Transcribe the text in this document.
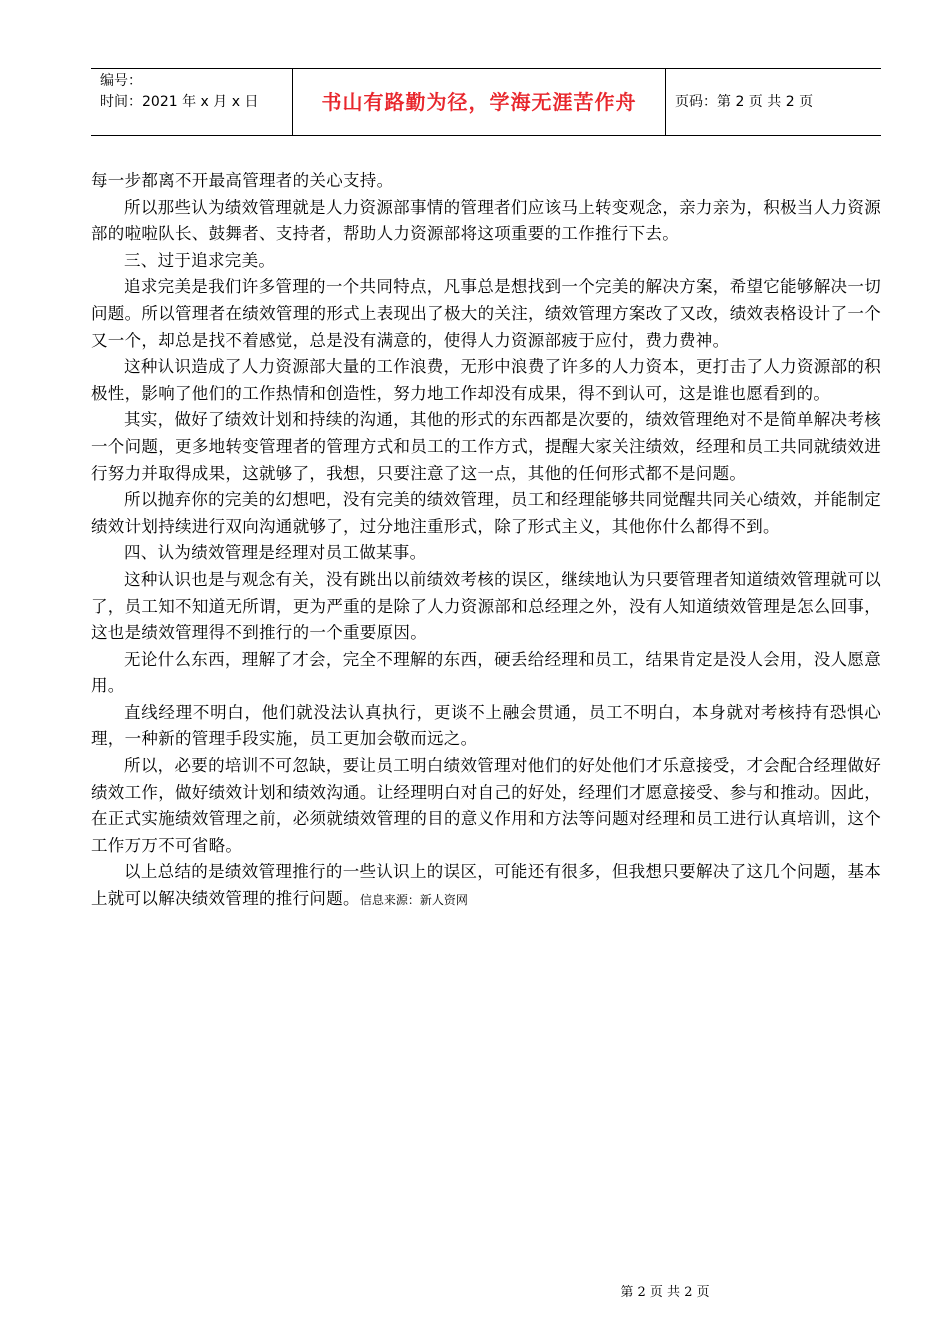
编号：
时间：2021 年 x 月 x 日	书山有路勤为径，学海无涯苦作舟	页码：第 2 页 共 2 页

每一步都离不开最高管理者的关心支持。

所以那些认为绩效管理就是人力资源部事情的管理者们应该马上转变观念，亲力亲为，积极当人力资源部的啦啦队长、鼓舞者、支持者，帮助人力资源部将这项重要的工作推行下去。

三、过于追求完美。

追求完美是我们许多管理的一个共同特点，凡事总是想找到一个完美的解决方案，希望它能够解决一切问题。所以管理者在绩效管理的形式上表现出了极大的关注，绩效管理方案改了又改，绩效表格设计了一个又一个，却总是找不着感觉，总是没有满意的，使得人力资源部疲于应付，费力费神。

这种认识造成了人力资源部大量的工作浪费，无形中浪费了许多的人力资本，更打击了人力资源部的积极性，影响了他们的工作热情和创造性，努力地工作却没有成果，得不到认可，这是谁也愿看到的。

其实，做好了绩效计划和持续的沟通，其他的形式的东西都是次要的，绩效管理绝对不是简单解决考核一个问题，更多地转变管理者的管理方式和员工的工作方式，提醒大家关注绩效，经理和员工共同就绩效进行努力并取得成果，这就够了，我想，只要注意了这一点，其他的任何形式都不是问题。

所以抛弃你的完美的幻想吧，没有完美的绩效管理，员工和经理能够共同觉醒共同关心绩效，并能制定绩效计划持续进行双向沟通就够了，过分地注重形式，除了形式主义，其他你什么都得不到。

四、认为绩效管理是经理对员工做某事。

这种认识也是与观念有关，没有跳出以前绩效考核的误区，继续地认为只要管理者知道绩效管理就可以了，员工知不知道无所谓，更为严重的是除了人力资源部和总经理之外，没有人知道绩效管理是怎么回事，这也是绩效管理得不到推行的一个重要原因。

无论什么东西，理解了才会，完全不理解的东西，硬丢给经理和员工，结果肯定是没人会用，没人愿意用。

直线经理不明白，他们就没法认真执行，更谈不上融会贯通，员工不明白，本身就对考核持有恐惧心理，一种新的管理手段实施，员工更加会敬而远之。

所以，必要的培训不可忽缺，要让员工明白绩效管理对他们的好处他们才乐意接受，才会配合经理做好绩效工作，做好绩效计划和绩效沟通。让经理明白对自己的好处，经理们才愿意接受、参与和推动。因此，在正式实施绩效管理之前，必须就绩效管理的目的意义作用和方法等问题对经理和员工进行认真培训，这个工作万万不可省略。

以上总结的是绩效管理推行的一些认识上的误区，可能还有很多，但我想只要解决了这几个问题，基本上就可以解决绩效管理的推行问题。信息来源：新人资网

第 2 页 共 2 页
